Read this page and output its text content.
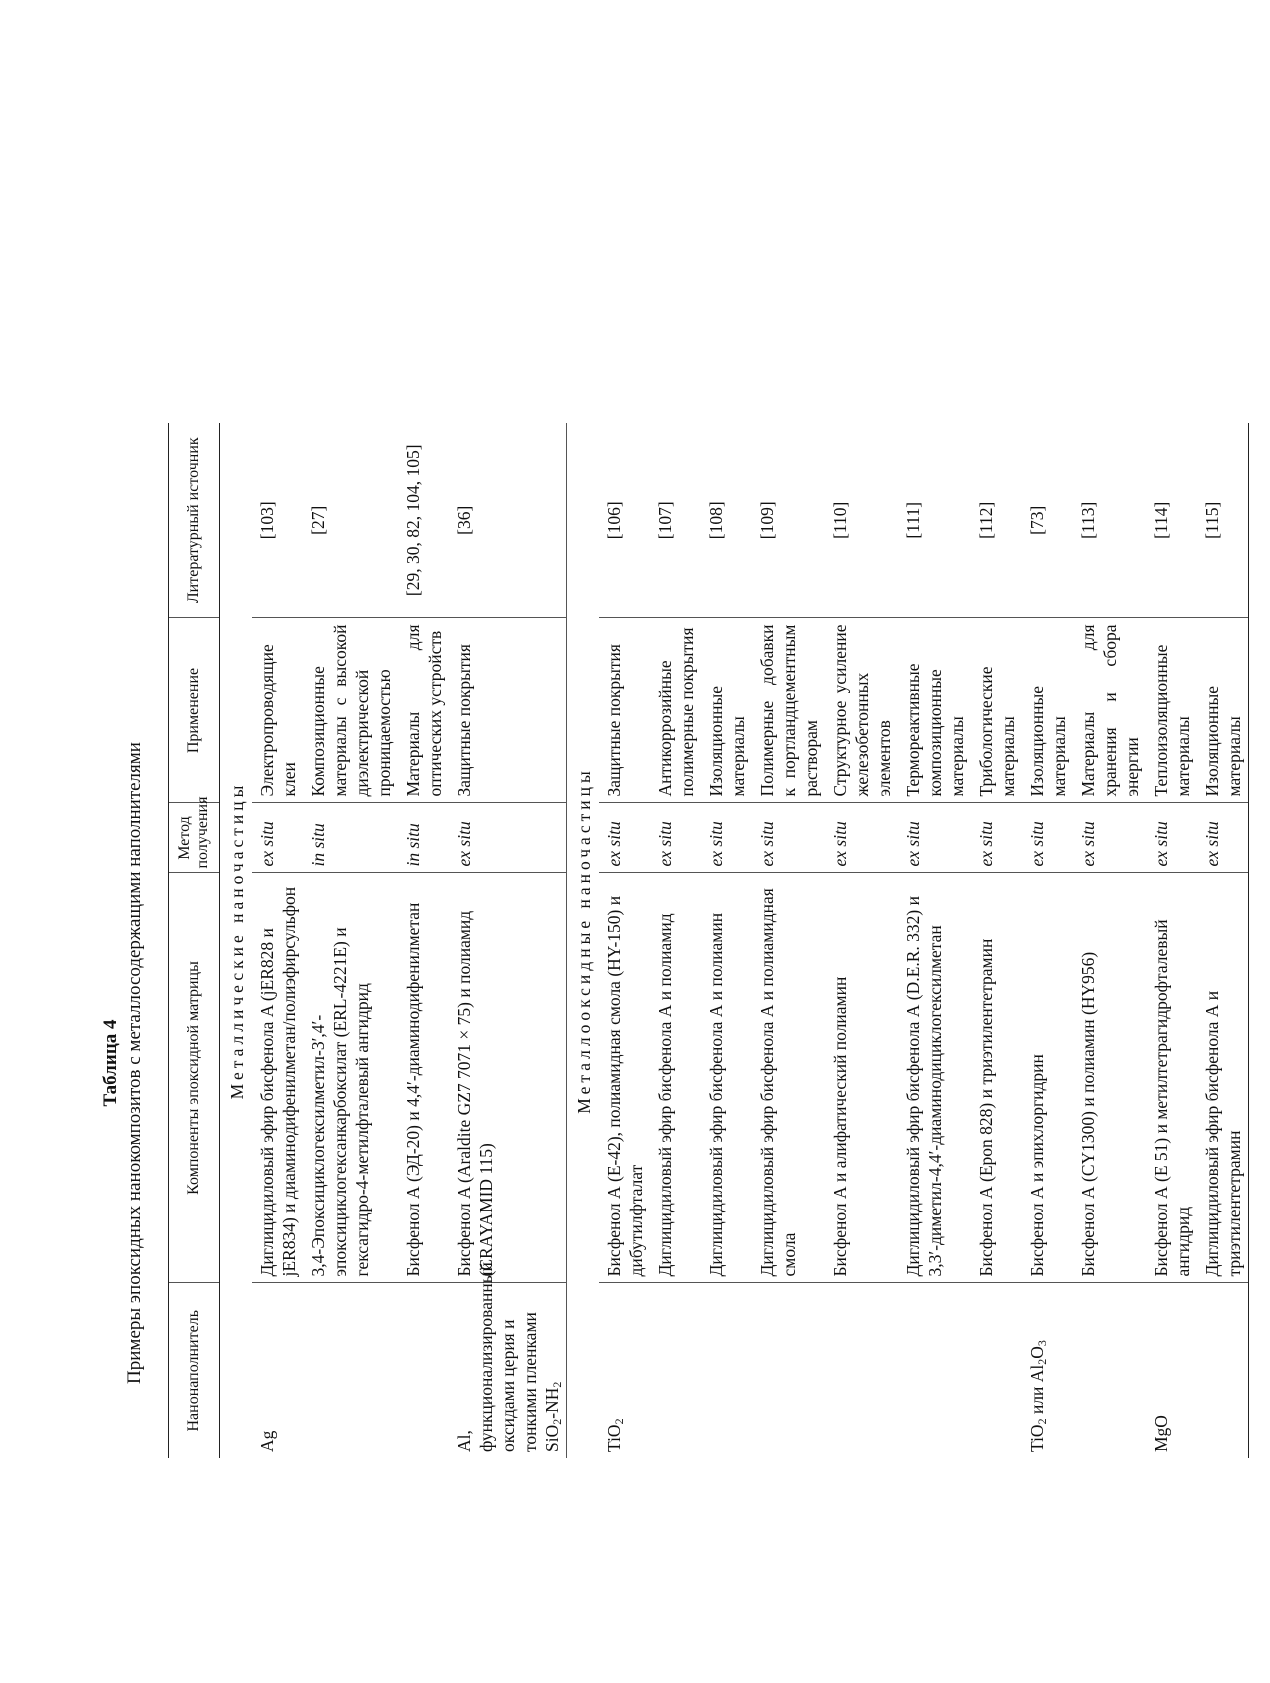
Таблица 4 Примеры эпоксидных нанокомпозитов с металлосодержащими наполнителями	Нанонаполнитель	Компоненты эпоксидной матрицы	Метод получения	Применение	Литературный источник
Металлические наночастицы				
Ag	Диглицидиловый эфир бисфенола A (jER828 и jER834) и диаминодифенилметан/полиэфирсульфон	ex situ	Электропроводящие клеи	[103]
	3,4-Эпоксициклогексилметил-3′,4′-эпоксициклогексанкарбоксилат (ERL-4221E) и гексагидро-4-метилфталевый ангидрид	in situ	Композиционные материалы с высокой диэлектрической проницаемостью	[27]
	Бисфенол А (ЭД-20) и 4,4′-диаминодифенилметан	in situ	Материалы для оптических устройств	[29, 30, 82, 104, 105]
Al, функционализированный оксидами церия и тонкими пленками $SiO_2-NH_2$	Бисфенол A (Araldite GZ7 7071 × 75) и полиамид (CRAYAMID 115)	ex situ	Защитные покрытия	[36]
Металлооксидные наночастицы				
TiO$_2$	Бисфенол А (Е-42), полиамидная смола (HY-150) и дибутилфталат	ex situ	Защитные покрытия	[106]
	Диглицидиловый эфир бисфенола А и полиамид	ex situ	Антикоррозийные полимерные покрытия	[107]
	Диглицидиловый эфир бисфенола А и полиамин	ex situ	Изоляционные материалы	[108]
	Диглицидиловый эфир бисфенола А и полиамидная смола	ex situ	Полимерные добавки к портландцементным растворам	[109]
	Бисфенол А и алифатический полиамин	ex situ	Структурное усиление железобетонных элементов	[110]
	Диглицидиловый эфир бисфенола А (D.E.R. 332) и 3,3′-диметил-4,4′-диаминодициклогексилметан	ex situ	Термореактивные композиционные материалы	[111]
	Бисфенол А (Epon 828) и триэтилентетрамин	ex situ	Трибологические материалы	[112]
TiO$_2$ или $Al_2O_3$	Бисфенол А и эпихлоргидрин	ex situ	Изоляционные материалы	[73]
	Бисфенол А (CY1300) и полиамин (HY956)	ex situ	Материалы для хранения и сбора энергии	[113]
MgO	Бисфенол А (Е 51) и метилтетрагидрофталевый ангидрид	ex situ	Теплоизоляционные материалы	[114]
	Диглицидиловый эфир бисфенола А и триэтилентетрамин	ex situ	Изоляционные материалы	[115]
